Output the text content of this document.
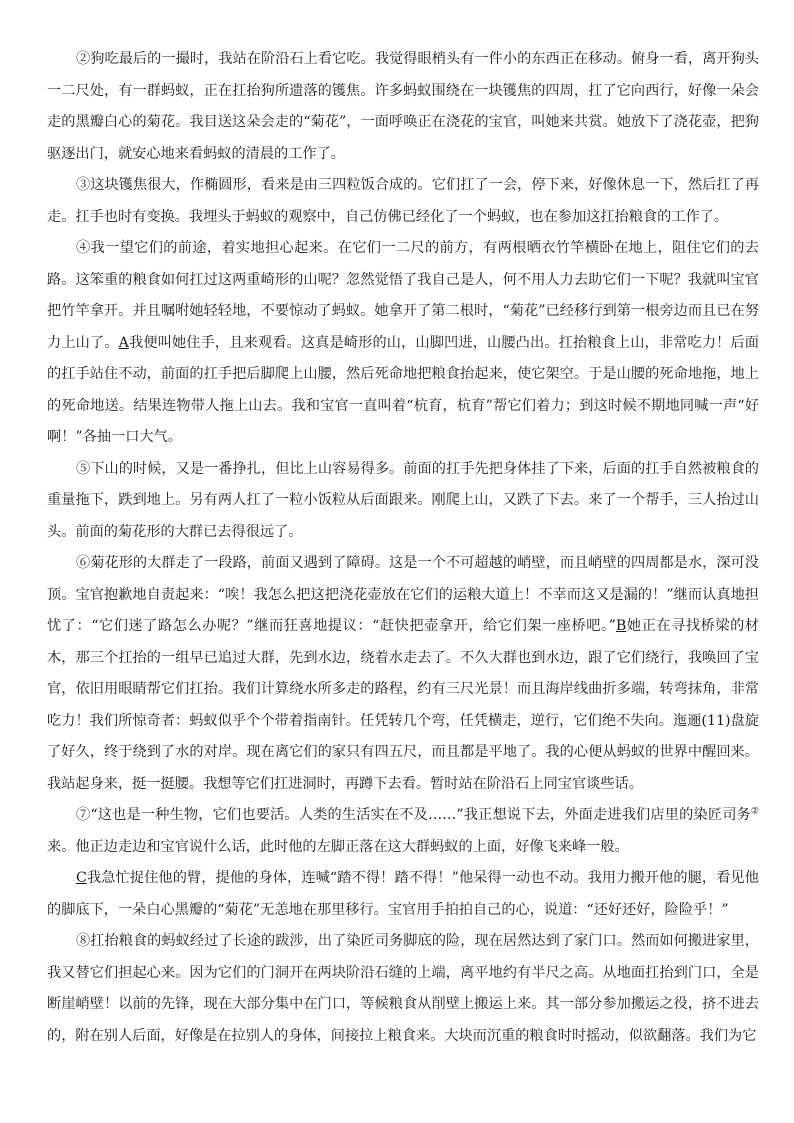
②狗吃最后的一撮时，我站在阶沿石上看它吃。我觉得眼梢头有一件小的东西正在移动。俯身一看，离开狗头一二尺处，有一群蚂蚁，正在扛抬狗所遗落的镬焦。许多蚂蚁围绕在一块镬焦的四周，扛了它向西行，好像一朵会走的黑瓣白心的菊花。我目送这朵会走的“菊花”，一面呼唤正在浇花的宝官，叫她来共赏。她放下了浇花壶，把狗驱逐出门，就安心地来看蚂蚁的清晨的工作了。

③这块镬焦很大，作椭圆形，看来是由三四粒饭合成的。它们扛了一会，停下来，好像休息一下，然后扛了再走。扛手也时有变换。我埋头于蚂蚁的观察中，自己仿佛已经化了一个蚂蚁，也在参加这扛抬粮食的工作了。

④我一望它们的前途，着实地担心起来。在它们一二尺的前方，有两根晒衣竹竿横卧在地上，阻住它们的去路。这笨重的粮食如何扛过这两重崎形的山呢？忽然觉悟了我自己是人，何不用人力去助它们一下呢？我就叫宝官把竹竿拿开。并且嘱咐她轻轻地，不要惊动了蚂蚁。她拿开了第二根时，“菊花”已经移行到第一根旁边而且已在努力上山了。A我便叫她住手，且来观看。这真是崎形的山，山脚凹进，山腰凸出。扛抬粮食上山，非常吃力！后面的扛手站住不动，前面的扛手把后脚爬上山腰，然后死命地把粮食抬起来，使它架空。于是山腰的死命地拖，地上的死命地送。结果连物带人拖上山去。我和宝官一直叫着“杭育，杭育”帮它们着力；到这时候不期地同喊一声“好啊！”各抽一口大气。

⑤下山的时候，又是一番挣扎，但比上山容易得多。前面的扛手先把身体挂了下来，后面的扛手自然被粮食的重量拖下，跌到地上。另有两人扛了一粒小饭粒从后面跟来。刚爬上山，又跌了下去。来了一个帮手，三人抬过山头。前面的菊花形的大群已去得很远了。

⑥菊花形的大群走了一段路，前面又遇到了障碍。这是一个不可超越的峭壁，而且峭壁的四周都是水，深可没顶。宝官抱歉地自责起来：“唉！我怎么把这把浇花壶放在它们的运粮大道上！不幸而这又是漏的！”继而认真地担忧了：“它们迷了路怎么办呢？”继而狂喜地提议：“赶快把壶拿开，给它们架一座桥吧。”B她正在寻找桥梁的材木，那三个扛抬的一组早已追过大群，先到水边，绕着水走去了。不久大群也到水边，跟了它们绕行，我唤回了宝官，依旧用眼睛帮它们扛抬。我们计算绕水所多走的路程，约有三尺光景！而且海岸线曲折多端，转弯抹角，非常吃力！我们所惊奇者：蚂蚁似乎个个带着指南针。任凭转几个弯，任凭横走，逆行，它们绝不失向。迤逦(11)盘旋了好久，终于绕到了水的对岸。现在离它们的家只有四五尺，而且都是平地了。我的心便从蚂蚁的世界中醒回来。我站起身来，挺一挺腰。我想等它们扛进洞时，再蹲下去看。暂时站在阶沿石上同宝官谈些话。

⑦“这也是一种生物，它们也要活。人类的生活实在不及……”我正想说下去，外面走进我们店里的染匠司务②来。他正边走边和宝官说什么话，此时他的左脚正落在这大群蚂蚁的上面，好像飞来峰一般。

C我急忙捉住他的臂，提他的身体，连喊“踏不得！踏不得！”他呆得一动也不动。我用力搬开他的腿，看见他的脚底下，一朵白心黑瓣的“菊花”无恙地在那里移行。宝官用手拍拍自己的心，说道：“还好还好，险险乎！”

⑧扛抬粮食的蚂蚁经过了长途的跋涉，出了染匠司务脚底的险，现在居然达到了家门口。然而如何搬进家里，我又替它们担起心来。因为它们的门洞开在两块阶沿石缝的上端，离平地约有半尺之高。从地面扛抬到门口，全是断崖峭壁！以前的先锋，现在大部分集中在门口，等候粮食从削壁上搬运上来。其一部分参加搬运之役，挤不进去的，附在别人后面，好像是在拉别人的身体，间接拉上粮食来。大块而沉重的粮食时时摇动，似欲翻落。我们为它
